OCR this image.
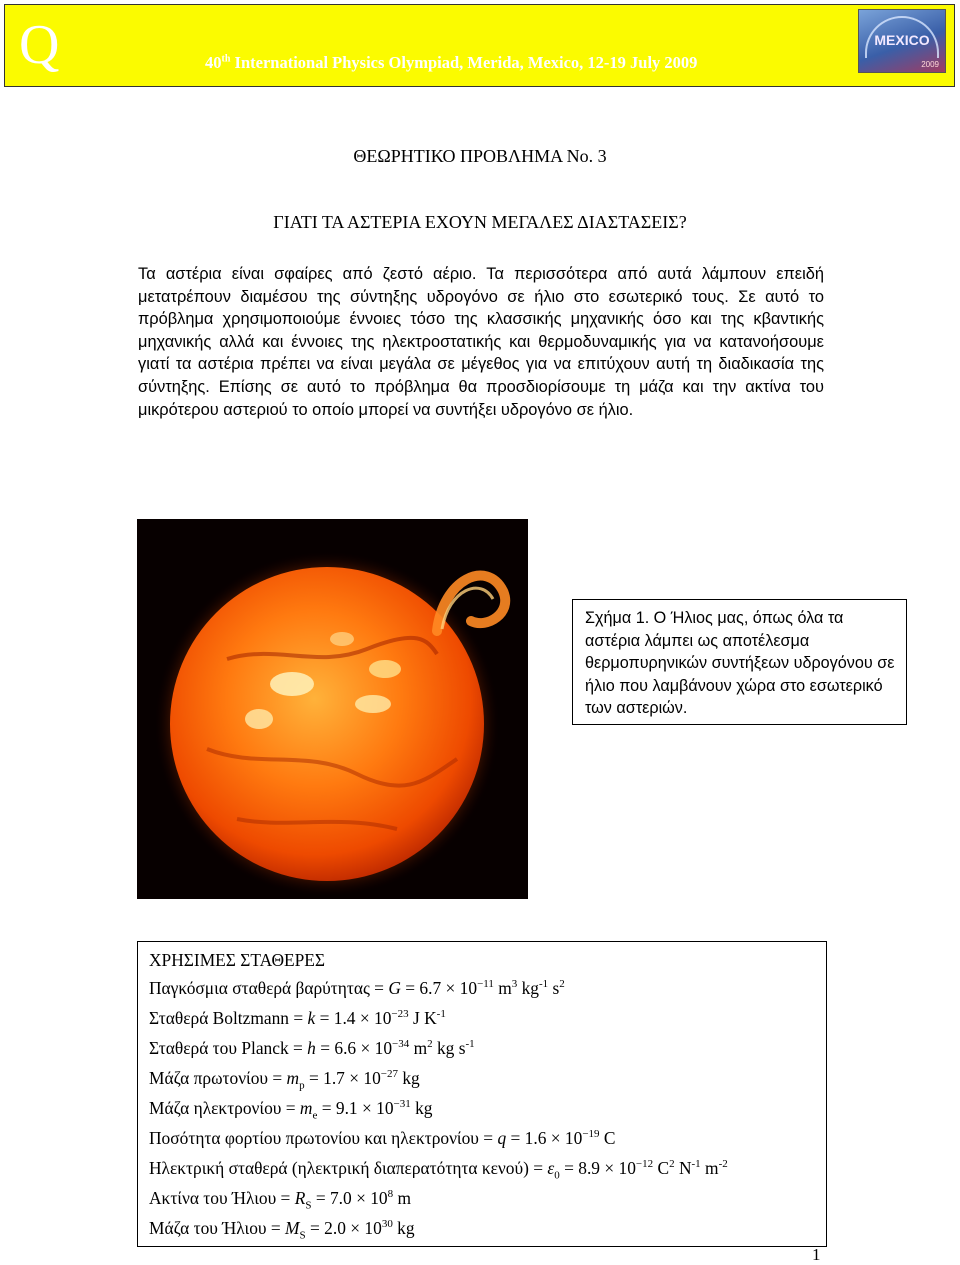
Q	40th International Physics Olympiad, Merida, Mexico, 12-19 July 2009
MEXICO
2009
ΘΕΩΡΗΤΙΚΟ ΠΡΟΒΛΗΜΑ No. 3
ΓΙΑΤΙ ΤΑ ΑΣΤΕΡΙΑ ΕΧΟΥΝ ΜΕΓΑΛΕΣ ΔΙΑΣΤΑΣΕΙΣ?
Τα αστέρια είναι σφαίρες από ζεστό αέριο. Τα περισσότερα από αυτά λάμπουν επειδή μετατρέπουν διαμέσου της σύντηξης υδρογόνο σε ήλιο στο εσωτερικό τους. Σε αυτό το πρόβλημα χρησιμοποιούμε έννοιες τόσο της κλασσικής μηχανικής όσο και της κβαντικής μηχανικής αλλά και έννοιες της ηλεκτροστατικής και θερμοδυναμικής για να κατανοήσουμε γιατί τα αστέρια πρέπει να είναι μεγάλα σε μέγεθος για να επιτύχουν αυτή τη διαδικασία της σύντηξης. Επίσης σε αυτό το πρόβλημα θα προσδιορίσουμε τη μάζα και την ακτίνα του μικρότερου αστεριού το οποίο μπορεί να συντήξει υδρογόνο σε ήλιο.
Σχήμα 1. Ο Ήλιος μας, όπως όλα τα αστέρια λάμπει ως αποτέλεσμα θερμοπυρηνικών συντήξεων υδρογόνου σε ήλιο που λαμβάνουν χώρα στο εσωτερικό των αστεριών.
ΧΡΗΣΙΜΕΣ ΣΤΑΘΕΡΕΣ
Παγκόσμια σταθερά $\beta\alpha\rho ύ\tau\eta\tau\alpha\varsigma = G = 6.7 \times 10^{-11}$ $m^3$ $kg^{-1}$ $s^2$
Σταθερά Boltzmann = $k = 1.4 \times 10^{-23}$ J $K^{-1}$
Σταθερά του Planck = $h = 6.6 \times 10^{-34}$ $m^2$ kg $s^{-1}$
Μάζα $\pi\rho\omega\tau o\nu ίo\upsilon = m_p = 1.7 \times 10^{-27}$ kg
Μάζα $\eta\lambda\varepsilon\kappa\tau\rho o\nu ίo\upsilon = m_e = 9.1 \times 10^{-31}$ kg
Ποσότητα φορτίου πρωτονίου και $\eta\lambda\varepsilon\kappa\tau\rho o\nu ίo\upsilon = q = 1.6 \times 10^{-19}$ C
Ηλεκτρική σταθερά (ηλεκτρική διαπερατότητα $\kappa\varepsilon\nu oύ) = \varepsilon_0 = 8.9 \times 10^{-12}$ $C^2$ $N^{-1}$ $m^{-2}$
Ακτίνα του $Ή\lambda\iota o\upsilon = R_S = 7.0 \times 10^8$ m
Μάζα του $Ή\lambda\iota o\upsilon = M_S = 2.0 \times 10^{30}$ kg
1
